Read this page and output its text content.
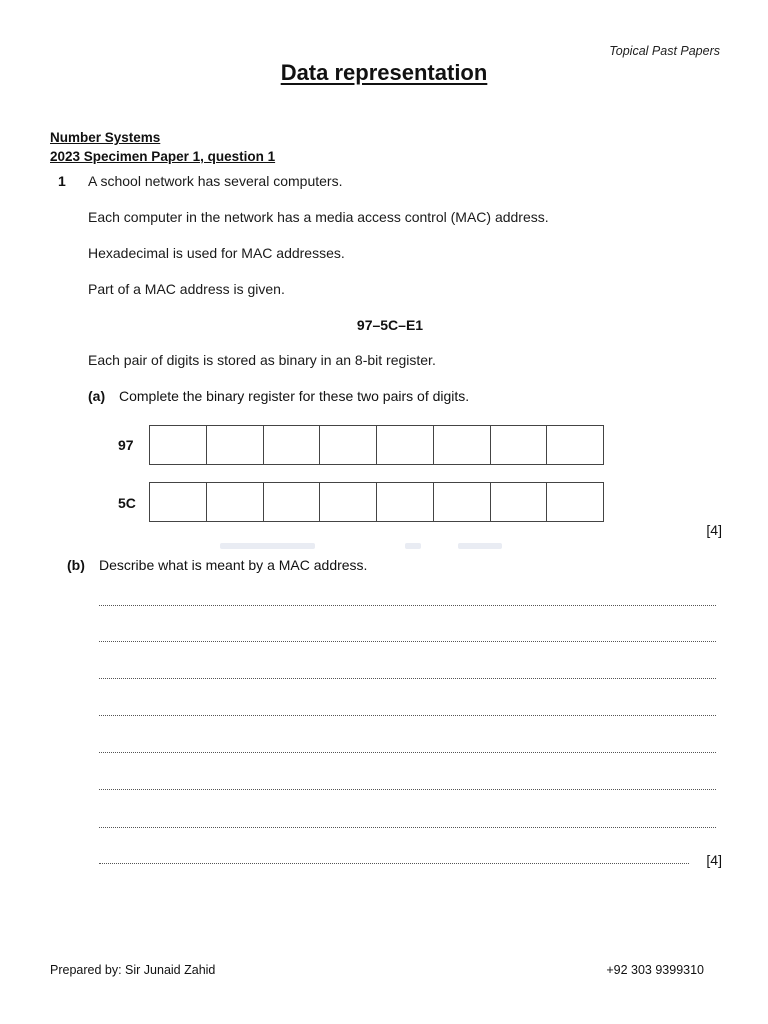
Topical Past Papers
Data representation
Number Systems
2023 Specimen Paper 1, question 1
1 A school network has several computers.
Each computer in the network has a media access control (MAC) address.
Hexadecimal is used for MAC addresses.
Part of a MAC address is given.
97–5C–E1
Each pair of digits is stored as binary in an 8-bit register.
(a) Complete the binary register for these two pairs of digits.
97
5C
[4]
(b) Describe what is meant by a MAC address.
[4]
Prepared by: Sir Junaid Zahid	+92 303 9399310
